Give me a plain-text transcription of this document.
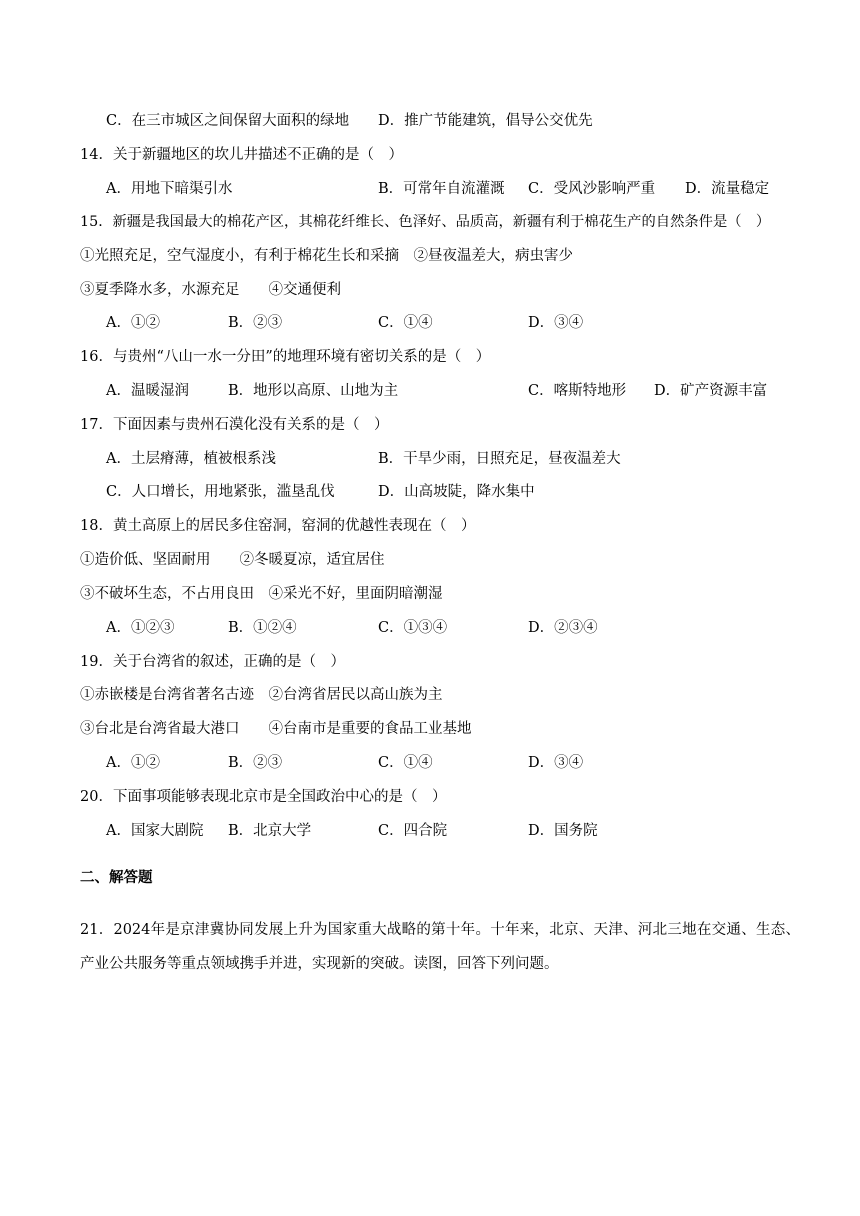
C．在三市城区之间保留大面积的绿地 D．推广节能建筑，倡导公交优先
14．关于新疆地区的坎儿井描述不正确的是（　）
A．用地下暗渠引水	B．可常年自流灌溉 C．受风沙影响严重 D．流量稳定
15．新疆是我国最大的棉花产区，其棉花纤维长、色泽好、品质高，新疆有利于棉花生产的自然条件是（　）
①光照充足，空气湿度小，有利于棉花生长和采摘　②昼夜温差大，病虫害少
③夏季降水多，水源充足　　④交通便利
A．①②	B．②③	C．①④	D．③④
16．与贵州“八山一水一分田”的地理环境有密切关系的是（　）
A．温暖湿润	B．地形以高原、山地为主	C．喀斯特地形 D．矿产资源丰富
17．下面因素与贵州石漠化没有关系的是（　）
A．土层瘠薄，植被根系浅	B．干旱少雨，日照充足，昼夜温差大
C．人口增长，用地紧张，滥垦乱伐	D．山高坡陡，降水集中
18．黄土高原上的居民多住窑洞，窑洞的优越性表现在（　）
①造价低、坚固耐用　　②冬暖夏凉，适宜居住
③不破坏生态，不占用良田　④采光不好，里面阴暗潮湿
A．①②③	B．①②④	C．①③④	D．②③④
19．关于台湾省的叙述，正确的是（　）
①赤嵌楼是台湾省著名古迹　②台湾省居民以高山族为主
③台北是台湾省最大港口　　④台南市是重要的食品工业基地
A．①②	B．②③	C．①④	D．③④
20．下面事项能够表现北京市是全国政治中心的是（　）
A．国家大剧院 B．北京大学	C．四合院	D．国务院
二、解答题
21．2024年是京津冀协同发展上升为国家重大战略的第十年。十年来，北京、天津、河北三地在交通、生态、产业公共服务等重点领域携手并进，实现新的突破。读图，回答下列问题。
